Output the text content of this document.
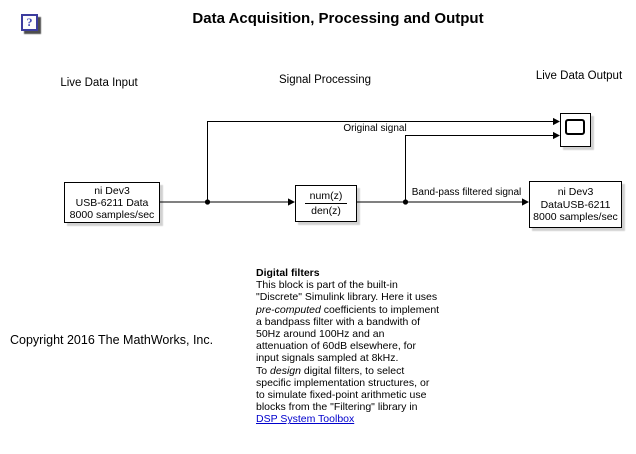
?	Data Acquisition, Processing and Output
Live Data Input	Signal Processing	Live Data Output
ni Dev3
USB-6211 Data
8000 samples/sec
num(z)
den(z)
ni Dev3
DataUSB-6211
8000 samples/sec
Original signal
Band-pass filtered signal
Digital filters
This block is part of the built-in
"Discrete" Simulink library. Here it uses
pre-computed coefficients to implement
a bandpass filter with a bandwith of
50Hz around 100Hz and an
attenuation of 60dB elsewhere, for
input signals sampled at 8kHz.
To design digital filters, to select
specific implementation structures, or
to simulate fixed-point arithmetic use
blocks from the "Filtering" library in
DSP System Toolbox
Copyright 2016 The MathWorks, Inc.
